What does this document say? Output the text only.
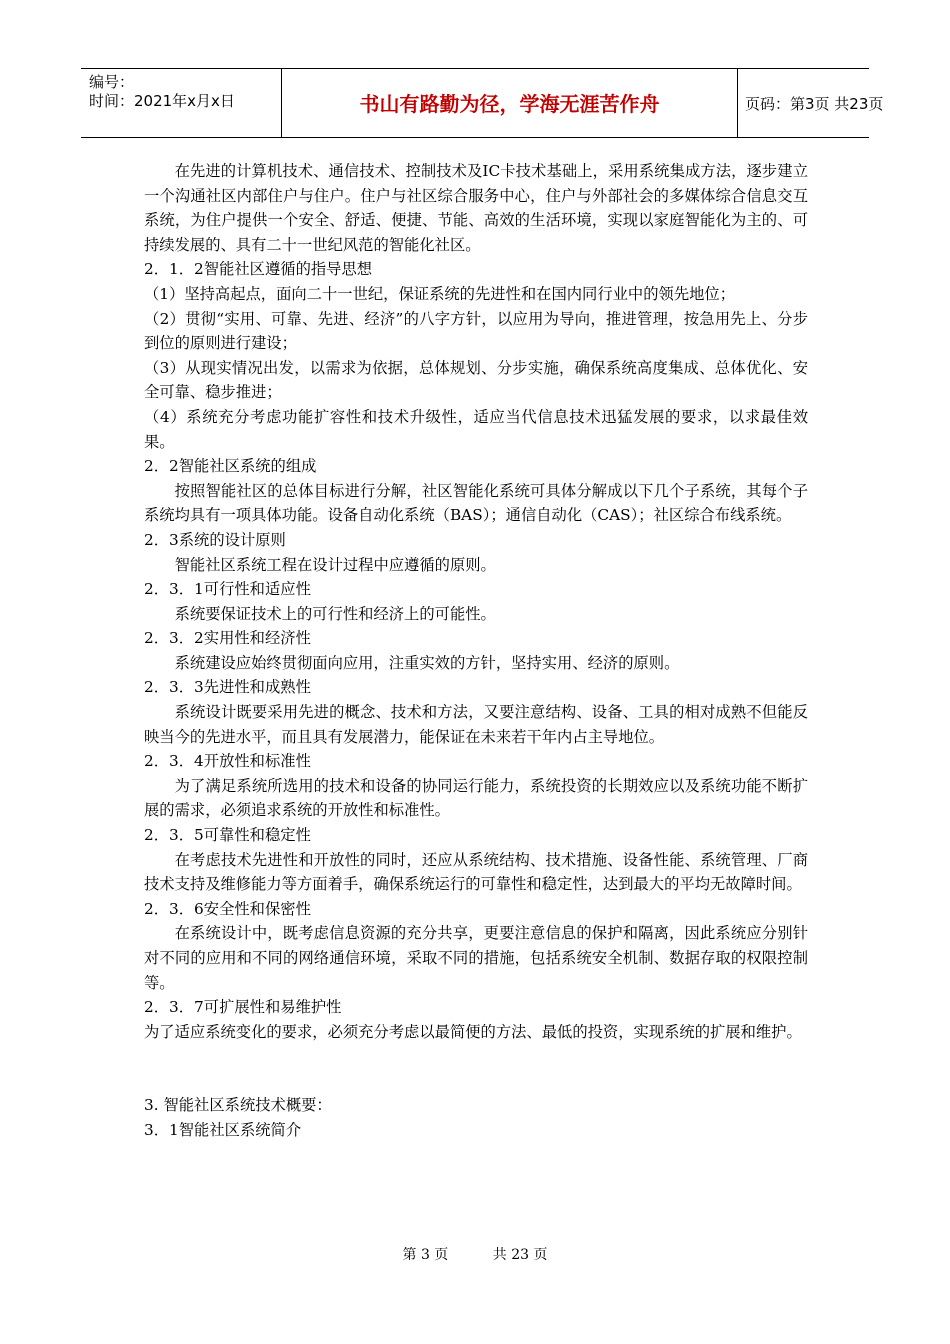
编号：
时间：2021年x月x日	书山有路勤为径，学海无涯苦作舟	页码：第3页 共23页

在先进的计算机技术、通信技术、控制技术及IC卡技术基础上，采用系统集成方法，逐步建立一个沟通社区内部住户与住户。住户与社区综合服务中心，住户与外部社会的多媒体综合信息交互系统，为住户提供一个安全、舒适、便捷、节能、高效的生活环境，实现以家庭智能化为主的、可持续发展的、具有二十一世纪风范的智能化社区。

2．1．2智能社区遵循的指导思想

（1）坚持高起点，面向二十一世纪，保证系统的先进性和在国内同行业中的领先地位；

（2）贯彻“实用、可靠、先进、经济”的八字方针，以应用为导向，推进管理，按急用先上、分步到位的原则进行建设；

（3）从现实情况出发，以需求为依据，总体规划、分步实施，确保系统高度集成、总体优化、安全可靠、稳步推进；

（4）系统充分考虑功能扩容性和技术升级性，适应当代信息技术迅猛发展的要求，以求最佳效果。

2．2智能社区系统的组成

按照智能社区的总体目标进行分解，社区智能化系统可具体分解成以下几个子系统，其每个子系统均具有一项具体功能。设备自动化系统（BAS）；通信自动化（CAS）；社区综合布线系统。

2．3系统的设计原则

智能社区系统工程在设计过程中应遵循的原则。

2．3．1可行性和适应性

系统要保证技术上的可行性和经济上的可能性。

2．3．2实用性和经济性

系统建设应始终贯彻面向应用，注重实效的方针，坚持实用、经济的原则。

2．3．3先进性和成熟性

系统设计既要采用先进的概念、技术和方法，又要注意结构、设备、工具的相对成熟不但能反映当今的先进水平，而且具有发展潜力，能保证在未来若干年内占主导地位。

2．3．4开放性和标准性

为了满足系统所选用的技术和设备的协同运行能力，系统投资的长期效应以及系统功能不断扩展的需求，必须追求系统的开放性和标准性。

2．3．5可靠性和稳定性

在考虑技术先进性和开放性的同时，还应从系统结构、技术措施、设备性能、系统管理、厂商技术支持及维修能力等方面着手，确保系统运行的可靠性和稳定性，达到最大的平均无故障时间。

2．3．6安全性和保密性

在系统设计中，既考虑信息资源的充分共享，更要注意信息的保护和隔离，因此系统应分别针对不同的应用和不同的网络通信环境，采取不同的措施，包括系统安全机制、数据存取的权限控制等。

2．3．7可扩展性和易维护性

为了适应系统变化的要求，必须充分考虑以最简便的方法、最低的投资，实现系统的扩展和维护。

3. 智能社区系统技术概要：

3．1智能社区系统简介

第 3 页	共 23 页
